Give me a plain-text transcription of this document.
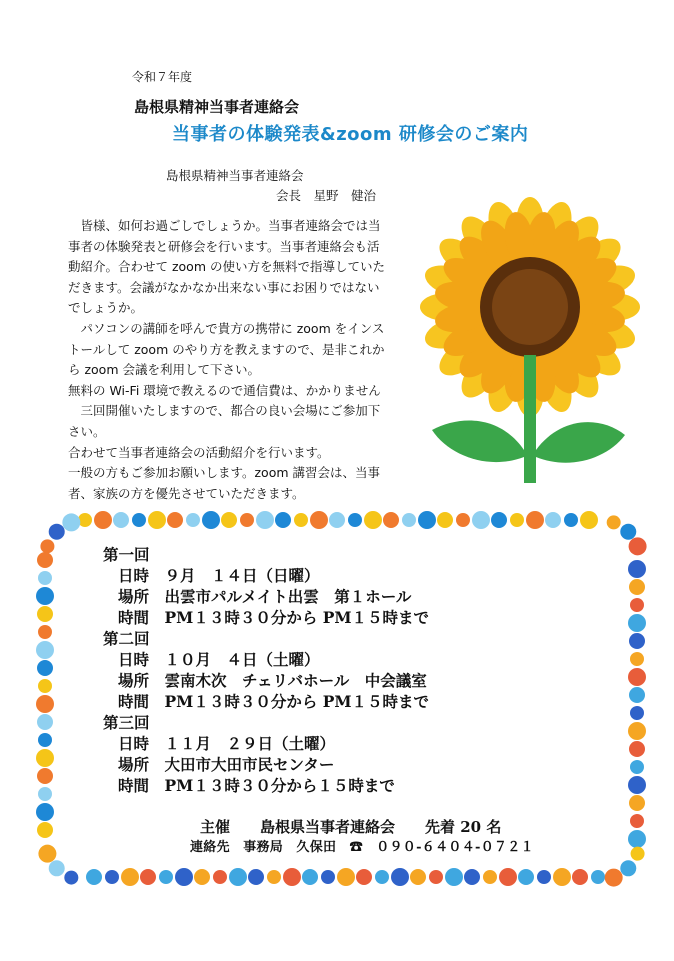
令和７年度
島根県精神当事者連絡会
当事者の体験発表&zoom 研修会のご案内
島根県精神当事者連絡会
会長　星野　健治

　皆様、如何お過ごしでしょうか。当事者連絡会では当

事者の体験発表と研修会を行います。当事者連絡会も活

動紹介。合わせて zoom の使い方を無料で指導していた

だきます。会議がなかなか出来ない事にお困りではない

でしょうか。

　パソコンの講師を呼んで貴方の携帯に zoom をインス

トールして zoom のやり方を教えますので、是非これか

ら zoom 会議を利用して下さい。

無料の Wi-Fi 環境で教えるので通信費は、かかりません

　三回開催いたしますので、都合の良い会場にご参加下

さい。

合わせて当事者連絡会の活動紹介を行います。

一般の方もご参加お願いします。zoom 講習会は、当事

者、家族の方を優先させていただきます。

第一回
日時　９月　１４日（日曜）
場所　出雲市パルメイト出雲　第１ホール
時間　PM１３時３０分から PM１５時まで
第二回
日時　１０月　４日（土曜）
場所　雲南木次　チェリバホール　中会議室
時間　PM１３時３０分から PM１５時まで
第三回
日時　１１月　２９日（土曜）
場所　大田市大田市民センター
時間　PM１３時３０分から１５時まで
主催　　島根県当事者連絡会　　先着 20 名
連絡先　事務局　久保田　☎　０９０-６４０４-０７２１
